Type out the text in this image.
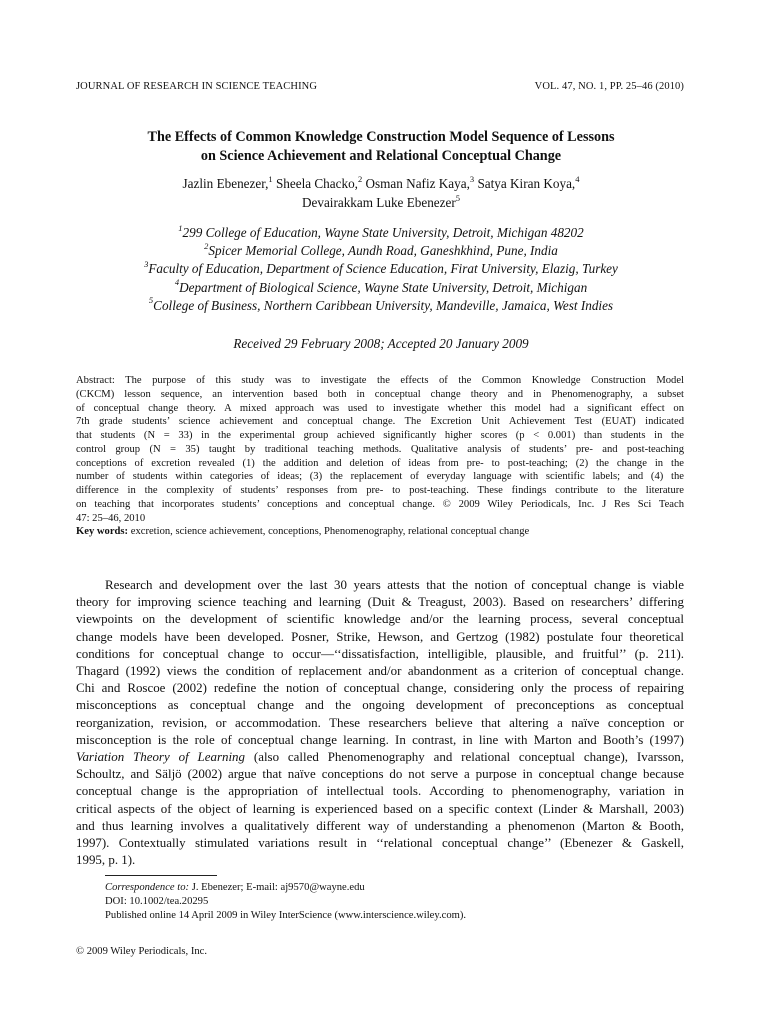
JOURNAL OF RESEARCH IN SCIENCE TEACHING	VOL. 47, NO. 1, PP. 25–46 (2010)
The Effects of Common Knowledge Construction Model Sequence of Lessons
on Science Achievement and Relational Conceptual Change
Jazlin Ebenezer,$^1$ Sheela Chacko,$^2$ Osman Nafiz Kaya,$^3$ Satya Kiran Koya,$^4$
Devairakkam Luke Ebenezer$^5$
$^1$299 College of Education, Wayne State University, Detroit, Michigan 48202
$^2$Spicer Memorial College, Aundh Road, Ganeshkhind, Pune, India
$^3$Faculty of Education, Department of Science Education, Firat University, Elazig, Turkey
$^4$Department of Biological Science, Wayne State University, Detroit, Michigan
$^5$College of Business, Northern Caribbean University, Mandeville, Jamaica, West Indies
Received 29 February 2008; Accepted 20 January 2009
Abstract: The purpose of this study was to investigate the effects of the Common Knowledge Construction Model
(CKCM) lesson sequence, an intervention based both in conceptual change theory and in Phenomenography, a subset
of conceptual change theory. A mixed approach was used to investigate whether this model had a significant effect on
7th grade students’ science achievement and conceptual change. The Excretion Unit Achievement Test (EUAT) indicated
that students (N = 33) in the experimental group achieved significantly higher scores (p < 0.001) than students in the
control group (N = 35) taught by traditional teaching methods. Qualitative analysis of students’ pre- and post-teaching
conceptions of excretion revealed (1) the addition and deletion of ideas from pre- to post-teaching; (2) the change in the
number of students within categories of ideas; (3) the replacement of everyday language with scientific labels; and (4) the
difference in the complexity of students’ responses from pre- to post-teaching. These findings contribute to the literature
on teaching that incorporates students’ conceptions and conceptual change. © 2009 Wiley Periodicals, Inc. J Res Sci Teach
47: 25–46, 2010
Key words: excretion, science achievement, conceptions, Phenomenography, relational conceptual change
Research and development over the last 30 years attests that the notion of conceptual change is viable
theory for improving science teaching and learning (Duit & Treagust, 2003). Based on researchers’ differing
viewpoints on the development of scientific knowledge and/or the learning process, several conceptual
change models have been developed. Posner, Strike, Hewson, and Gertzog (1982) postulate four theoretical
conditions for conceptual change to occur—‘‘dissatisfaction, intelligible, plausible, and fruitful’’ (p. 211).
Thagard (1992) views the condition of replacement and/or abandonment as a criterion of conceptual change.
Chi and Roscoe (2002) redefine the notion of conceptual change, considering only the process of repairing
misconceptions as conceptual change and the ongoing development of preconceptions as conceptual
reorganization, revision, or accommodation. These researchers believe that altering a naïve conception or
misconception is the role of conceptual change learning. In contrast, in line with Marton and Booth’s (1997)
Variation Theory of Learning (also called Phenomenography and relational conceptual change), Ivarsson,
Schoultz, and Säljö (2002) argue that naïve conceptions do not serve a purpose in conceptual change because
conceptual change is the appropriation of intellectual tools. According to phenomenography, variation in
critical aspects of the object of learning is experienced based on a specific context (Linder & Marshall, 2003)
and thus learning involves a qualitatively different way of understanding a phenomenon (Marton & Booth,
1997). Contextually stimulated variations result in ‘‘relational conceptual change’’ (Ebenezer & Gaskell,
1995, p. 1).
Correspondence to: J. Ebenezer; E-mail: aj9570@wayne.edu
DOI: 10.1002/tea.20295
Published online 14 April 2009 in Wiley InterScience (www.interscience.wiley.com).
© 2009 Wiley Periodicals, Inc.
